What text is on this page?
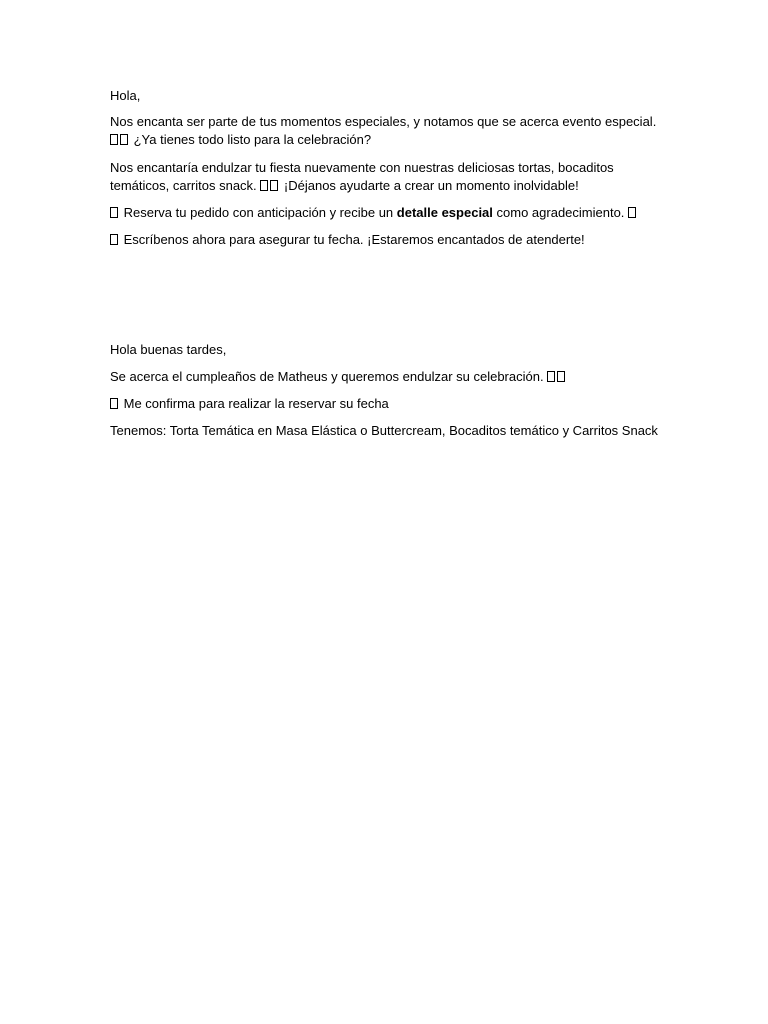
Hola,

Nos encanta ser parte de tus momentos especiales, y notamos que se acerca evento especial.
¿Ya tienes todo listo para la celebración?

Nos encantaría endulzar tu fiesta nuevamente con nuestras deliciosas tortas, bocaditos
temáticos, carritos snack.  ¡Déjanos ayudarte a crear un momento inolvidable!

Reserva tu pedido con anticipación y recibe un detalle especial como agradecimiento.

Escríbenos ahora para asegurar tu fecha. ¡Estaremos encantados de atenderte!

Hola buenas tardes,

Se acerca el cumpleaños de Matheus y queremos endulzar su celebración.

Me confirma para realizar la reservar su fecha

Tenemos: Torta Temática en Masa Elástica o Buttercream, Bocaditos temático y Carritos Snack
